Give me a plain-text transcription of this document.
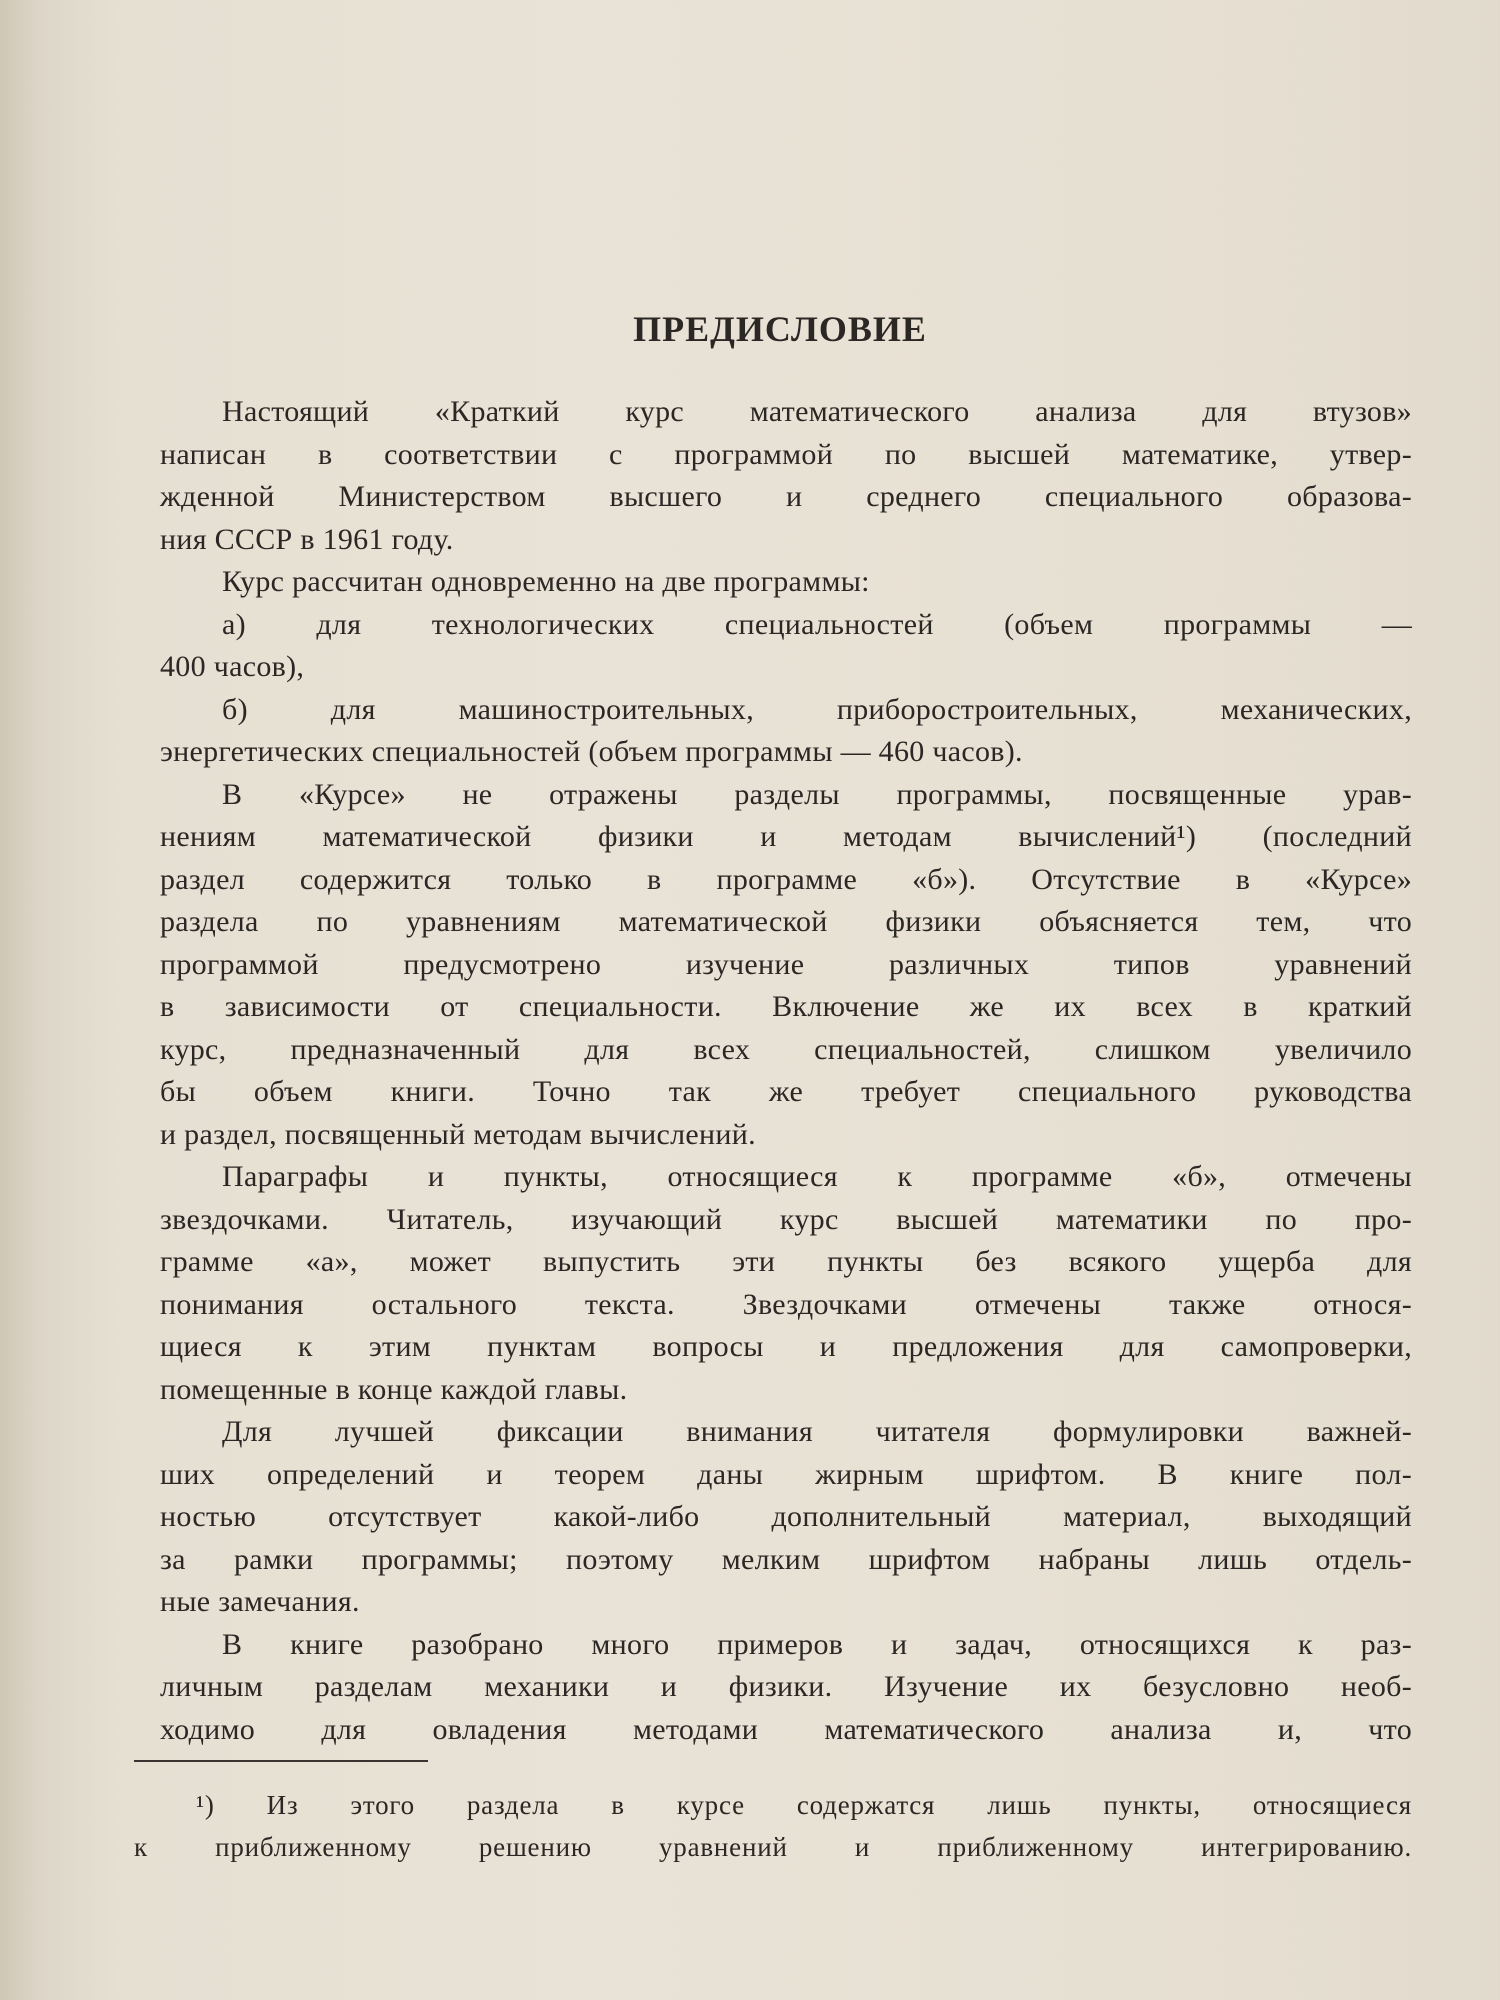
ПРЕДИСЛОВИЕ
Настоящий «Краткий курс математического анализа для втузов»
написан в соответствии с программой по высшей математике, утвер-
жденной Министерством высшего и среднего специального образова-
ния СССР в 1961 году.
Курс рассчитан одновременно на две программы:
а) для технологических специальностей (объем программы —
400 часов),
б) для машиностроительных, приборостроительных, механических,
энергетических специальностей (объем программы — 460 часов).
В «Курсе» не отражены разделы программы, посвященные урав-
нениям математической физики и методам вычислений¹) (последний
раздел содержится только в программе «б»). Отсутствие в «Курсе»
раздела по уравнениям математической физики объясняется тем, что
программой предусмотрено изучение различных типов уравнений
в зависимости от специальности. Включение же их всех в краткий
курс, предназначенный для всех специальностей, слишком увеличило
бы объем книги. Точно так же требует специального руководства
и раздел, посвященный методам вычислений.
Параграфы и пункты, относящиеся к программе «б», отмечены
звездочками. Читатель, изучающий курс высшей математики по про-
грамме «а», может выпустить эти пункты без всякого ущерба для
понимания остального текста. Звездочками отмечены также относя-
щиеся к этим пунктам вопросы и предложения для самопроверки,
помещенные в конце каждой главы.
Для лучшей фиксации внимания читателя формулировки важней-
ших определений и теорем даны жирным шрифтом. В книге пол-
ностью отсутствует какой-либо дополнительный материал, выходящий
за рамки программы; поэтому мелким шрифтом набраны лишь отдель-
ные замечания.
В книге разобрано много примеров и задач, относящихся к раз-
личным разделам механики и физики. Изучение их безусловно необ-
ходимо для овладения методами математического анализа и, что
¹) Из этого раздела в курсе содержатся лишь пункты, относящиеся
к приближенному решению уравнений и приближенному интегрированию.
